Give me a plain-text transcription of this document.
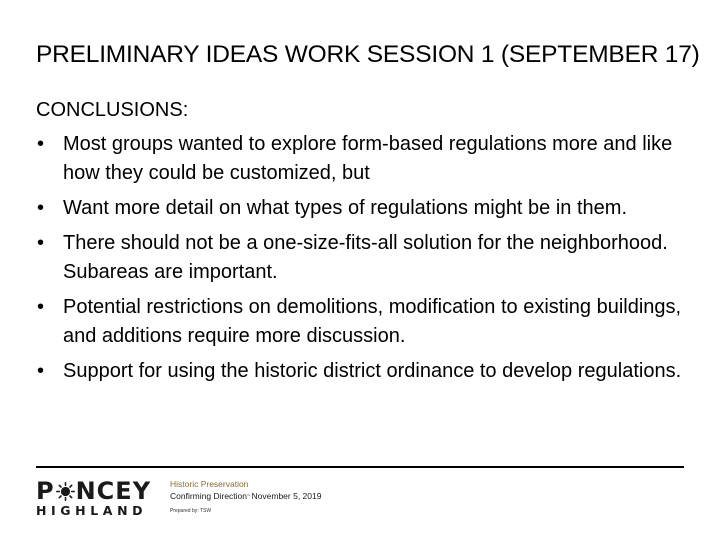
PRELIMINARY IDEAS WORK SESSION 1 (SEPTEMBER 17)
CONCLUSIONS:
• Most groups wanted to explore form-based regulations more and like how they could be customized, but
• Want more detail on what types of regulations might be in them.
• There should not be a one-size-fits-all solution for the neighborhood. Subareas are important.
• Potential restrictions on demolitions, modification to existing buildings, and additions require more discussion.
• Support for using the historic district ordinance to develop regulations.
P NCEY
HIGHLAND
Historic Preservation
Confirming Direction~November 5, 2019
Prepared by: TSW
